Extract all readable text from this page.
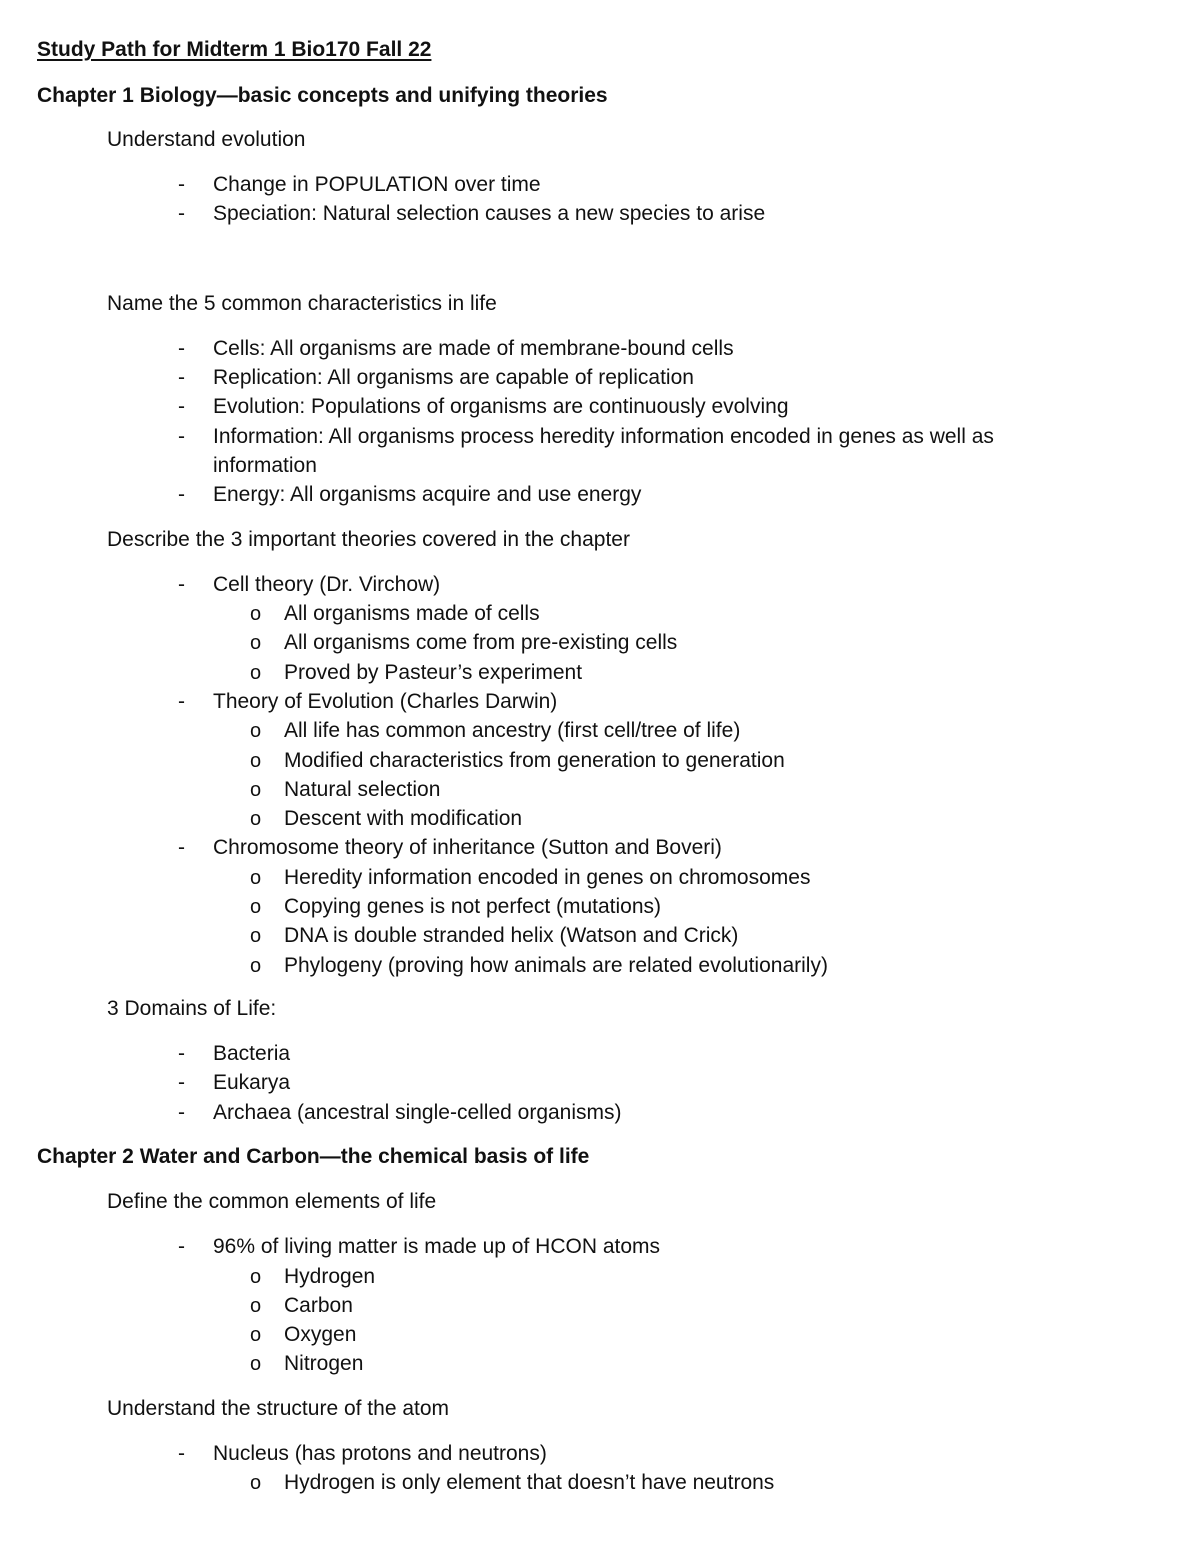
Study Path for Midterm 1 Bio170 Fall 22
Chapter 1 Biology—basic concepts and unifying theories
Understand evolution
- Change in POPULATION over time
- Speciation: Natural selection causes a new species to arise
Name the 5 common characteristics in life
- Cells: All organisms are made of membrane-bound cells
- Replication: All organisms are capable of replication
- Evolution: Populations of organisms are continuously evolving
- Information: All organisms process heredity information encoded in genes as well as
information
- Energy: All organisms acquire and use energy
Describe the 3 important theories covered in the chapter
- Cell theory (Dr. Virchow)
o All organisms made of cells
o All organisms come from pre-existing cells
o Proved by Pasteur’s experiment
- Theory of Evolution (Charles Darwin)
o All life has common ancestry (first cell/tree of life)
o Modified characteristics from generation to generation
o Natural selection
o Descent with modification
- Chromosome theory of inheritance (Sutton and Boveri)
o Heredity information encoded in genes on chromosomes
o Copying genes is not perfect (mutations)
o DNA is double stranded helix (Watson and Crick)
o Phylogeny (proving how animals are related evolutionarily)
3 Domains of Life:
- Bacteria
- Eukarya
- Archaea (ancestral single-celled organisms)
Chapter 2 Water and Carbon—the chemical basis of life
Define the common elements of life
- 96% of living matter is made up of HCON atoms
o Hydrogen
o Carbon
o Oxygen
o Nitrogen
Understand the structure of the atom
- Nucleus (has protons and neutrons)
o Hydrogen is only element that doesn’t have neutrons
